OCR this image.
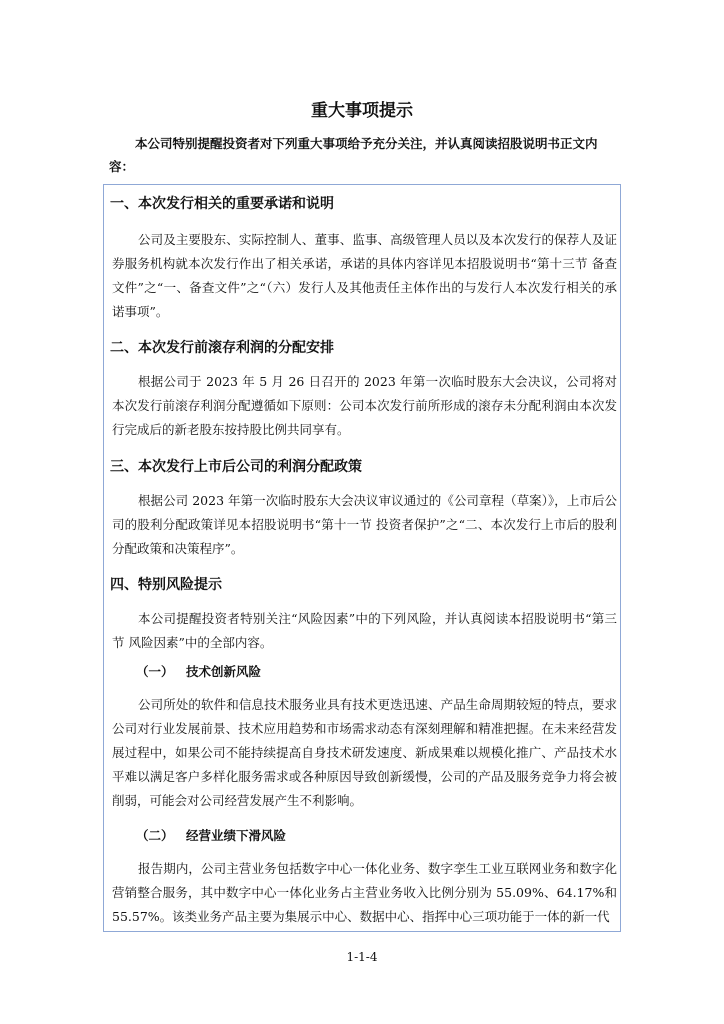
重大事项提示
本公司特别提醒投资者对下列重大事项给予充分关注，并认真阅读招股说明书正文内容：
一、本次发行相关的重要承诺和说明
公司及主要股东、实际控制人、董事、监事、高级管理人员以及本次发行的保荐人及证券服务机构就本次发行作出了相关承诺，承诺的具体内容详见本招股说明书“第十三节 备查文件”之“一、备查文件”之“（六）发行人及其他责任主体作出的与发行人本次发行相关的承诺事项”。
二、本次发行前滚存利润的分配安排
根据公司于 2023 年 5 月 26 日召开的 2023 年第一次临时股东大会决议，公司将对本次发行前滚存利润分配遵循如下原则：公司本次发行前所形成的滚存未分配利润由本次发行完成后的新老股东按持股比例共同享有。
三、本次发行上市后公司的利润分配政策
根据公司 2023 年第一次临时股东大会决议审议通过的《公司章程（草案）》，上市后公司的股利分配政策详见本招股说明书“第十一节 投资者保护”之“二、本次发行上市后的股利分配政策和决策程序”。
四、特别风险提示
本公司提醒投资者特别关注“风险因素”中的下列风险，并认真阅读本招股说明书“第三节 风险因素”中的全部内容。
（一） 技术创新风险
公司所处的软件和信息技术服务业具有技术更迭迅速、产品生命周期较短的特点，要求公司对行业发展前景、技术应用趋势和市场需求动态有深刻理解和精准把握。在未来经营发展过程中，如果公司不能持续提高自身技术研发速度、新成果难以规模化推广、产品技术水平难以满足客户多样化服务需求或各种原因导致创新缓慢，公司的产品及服务竞争力将会被削弱，可能会对公司经营发展产生不利影响。
（二） 经营业绩下滑风险
报告期内，公司主营业务包括数字中心一体化业务、数字孪生工业互联网业务和数字化营销整合服务，其中数字中心一体化业务占主营业务收入比例分别为 55.09%、64.17%和 55.57%。该类业务产品主要为集展示中心、数据中心、指挥中心三项功能于一体的新一代
1-1-4
